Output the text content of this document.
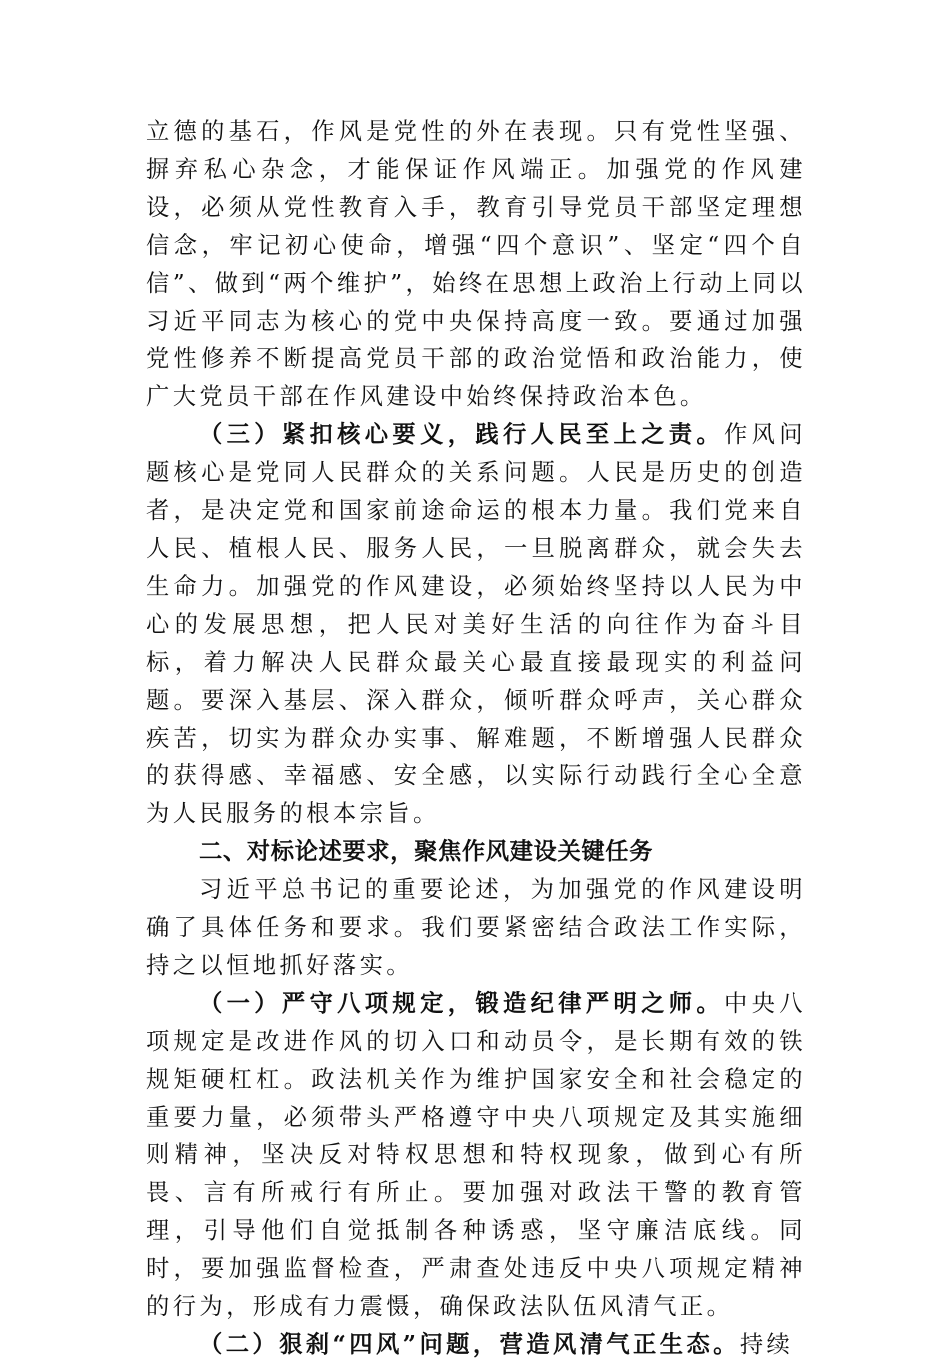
立德的基石，作风是党性的外在表现。只有党性坚强、摒弃私心杂念，才能保证作风端正。加强党的作风建设，必须从党性教育入手，教育引导党员干部坚定理想信念，牢记初心使命，增强“四个意识”、坚定“四个自信”、做到“两个维护”，始终在思想上政治上行动上同以习近平同志为核心的党中央保持高度一致。要通过加强党性修养不断提高党员干部的政治觉悟和政治能力，使广大党员干部在作风建设中始终保持政治本色。

（三）紧扣核心要义，践行人民至上之责。作风问题核心是党同人民群众的关系问题。人民是历史的创造者，是决定党和国家前途命运的根本力量。我们党来自人民、植根人民、服务人民，一旦脱离群众，就会失去生命力。加强党的作风建设，必须始终坚持以人民为中心的发展思想，把人民对美好生活的向往作为奋斗目标，着力解决人民群众最关心最直接最现实的利益问题。要深入基层、深入群众，倾听群众呼声，关心群众疾苦，切实为群众办实事、解难题，不断增强人民群众的获得感、幸福感、安全感，以实际行动践行全心全意为人民服务的根本宗旨。

二、对标论述要求，聚焦作风建设关键任务

习近平总书记的重要论述，为加强党的作风建设明确了具体任务和要求。我们要紧密结合政法工作实际，持之以恒地抓好落实。

（一）严守八项规定，锻造纪律严明之师。中央八项规定是改进作风的切入口和动员令，是长期有效的铁规矩硬杠杠。政法机关作为维护国家安全和社会稳定的重要力量，必须带头严格遵守中央八项规定及其实施细则精神，坚决反对特权思想和特权现象，做到心有所畏、言有所戒行有所止。要加强对政法干警的教育管理，引导他们自觉抵制各种诱惑，坚守廉洁底线。同时，要加强监督检查，严肃查处违反中央八项规定精神的行为，形成有力震慑，确保政法队伍风清气正。

（二）狠刹“四风”问题，营造风清气正生态。持续
